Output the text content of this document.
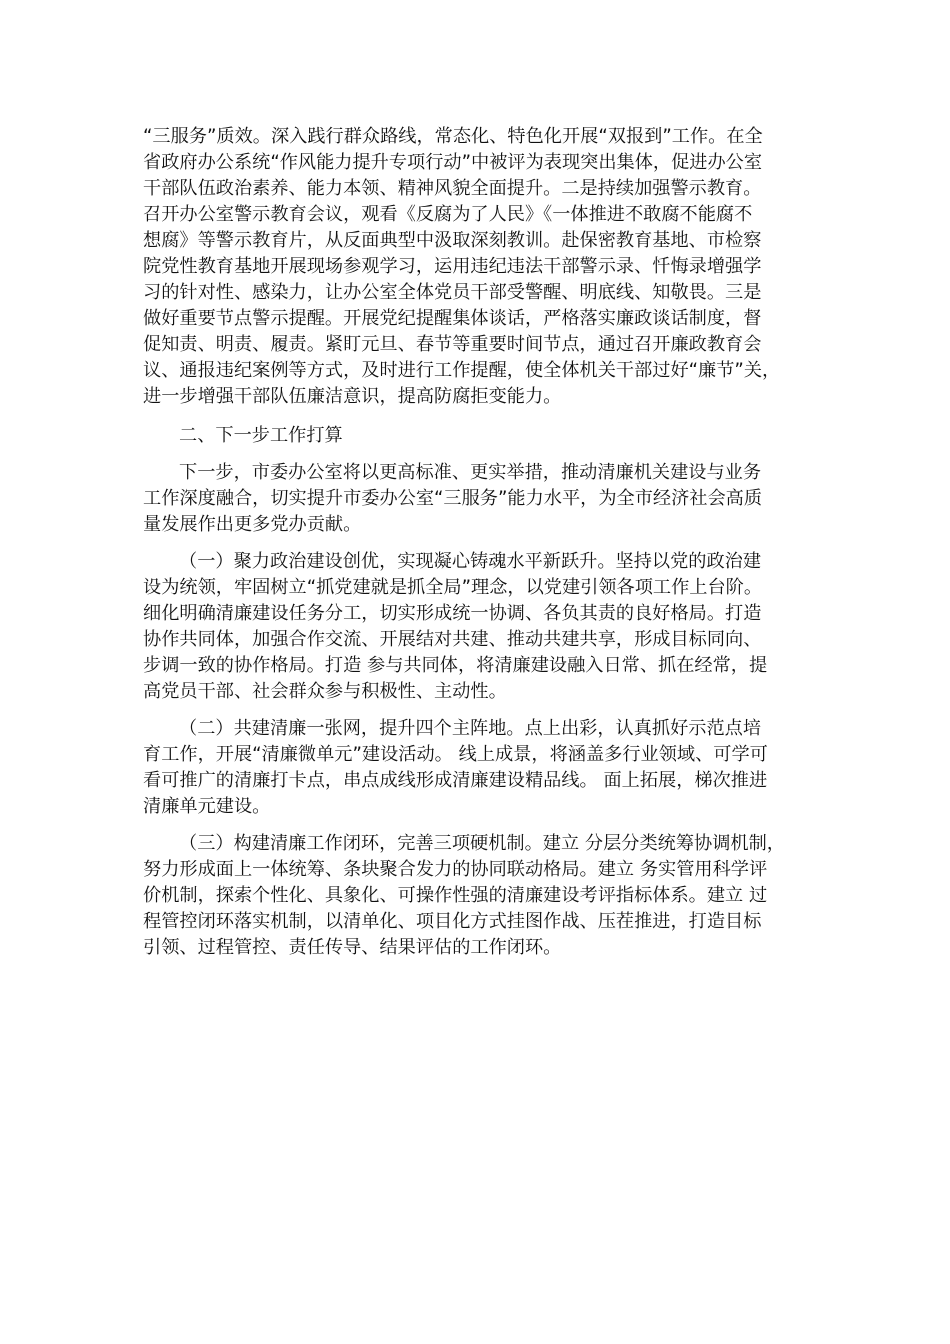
“三服务”质效。深入践行群众路线，常态化、特色化开展“双报到”工作。在全
省政府办公系统“作风能力提升专项行动”中被评为表现突出集体，促进办公室
干部队伍政治素养、能力本领、精神风貌全面提升。二是持续加强警示教育。
召开办公室警示教育会议，观看《反腐为了人民》《一体推进不敢腐不能腐不
想腐》等警示教育片，从反面典型中汲取深刻教训。赴保密教育基地、市检察
院党性教育基地开展现场参观学习，运用违纪违法干部警示录、忏悔录增强学
习的针对性、感染力，让办公室全体党员干部受警醒、明底线、知敬畏。三是
做好重要节点警示提醒。开展党纪提醒集体谈话，严格落实廉政谈话制度，督
促知责、明责、履责。紧盯元旦、春节等重要时间节点，通过召开廉政教育会
议、通报违纪案例等方式，及时进行工作提醒，使全体机关干部过好“廉节”关，
进一步增强干部队伍廉洁意识，提高防腐拒变能力。
二、下一步工作打算
下一步，市委办公室将以更高标准、更实举措，推动清廉机关建设与业务
工作深度融合，切实提升市委办公室“三服务”能力水平，为全市经济社会高质
量发展作出更多党办贡献。
（一）聚力政治建设创优，实现凝心铸魂水平新跃升。坚持以党的政治建
设为统领，牢固树立“抓党建就是抓全局”理念，以党建引领各项工作上台阶。
细化明确清廉建设任务分工，切实形成统一协调、各负其责的良好格局。打造
协作共同体，加强合作交流、开展结对共建、推动共建共享，形成目标同向、
步调一致的协作格局。打造 参与共同体，将清廉建设融入日常、抓在经常，提
高党员干部、社会群众参与积极性、主动性。
（二）共建清廉一张网，提升四个主阵地。点上出彩，认真抓好示范点培
育工作，开展“清廉微单元”建设活动。 线上成景，将涵盖多行业领域、可学可
看可推广的清廉打卡点，串点成线形成清廉建设精品线。 面上拓展，梯次推进
清廉单元建设。
（三）构建清廉工作闭环，完善三项硬机制。建立 分层分类统筹协调机制，
努力形成面上一体统筹、条块聚合发力的协同联动格局。建立 务实管用科学评
价机制，探索个性化、具象化、可操作性强的清廉建设考评指标体系。建立 过
程管控闭环落实机制，以清单化、项目化方式挂图作战、压茬推进，打造目标
引领、过程管控、责任传导、结果评估的工作闭环。
